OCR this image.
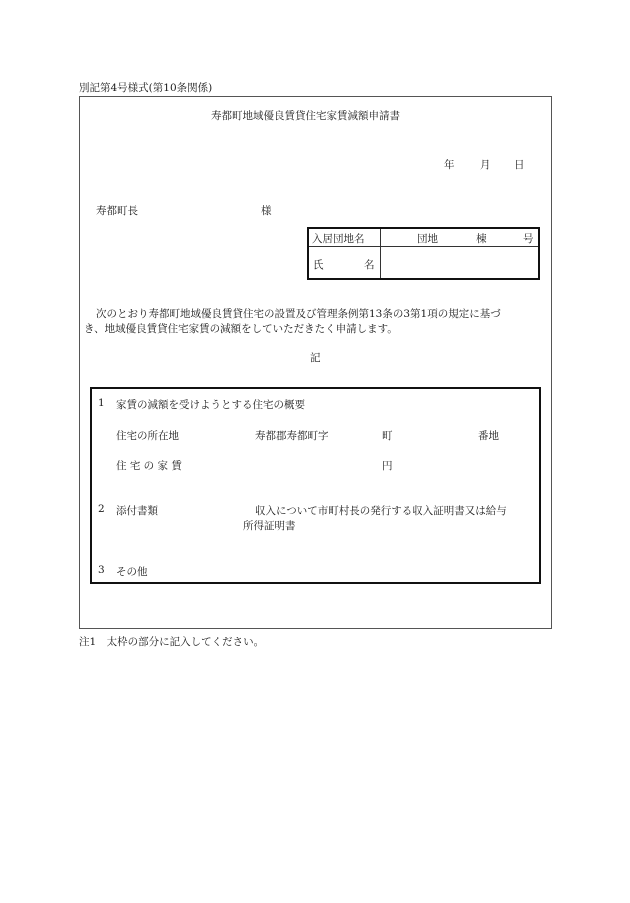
別記第4号様式(第10条関係)
寿都町地域優良賃貸住宅家賃減額申請書
年 月 日
寿都町長	様
入居団地名	団地	棟	号
氏	名
次のとおり寿都町地域優良賃貸住宅の設置及び管理条例第13条の3第1項の規定に基づ
き、地域優良賃貸住宅家賃の減額をしていただきたく申請します。
記
1 家賃の減額を受けようとする住宅の概要
住宅の所在地	寿都郡寿都町字	町	番地
住 宅 の 家 賃	円
2 添付書類	収入について市町村長の発行する収入証明書又は給与
所得証明書
3 その他
注1　太枠の部分に記入してください。
